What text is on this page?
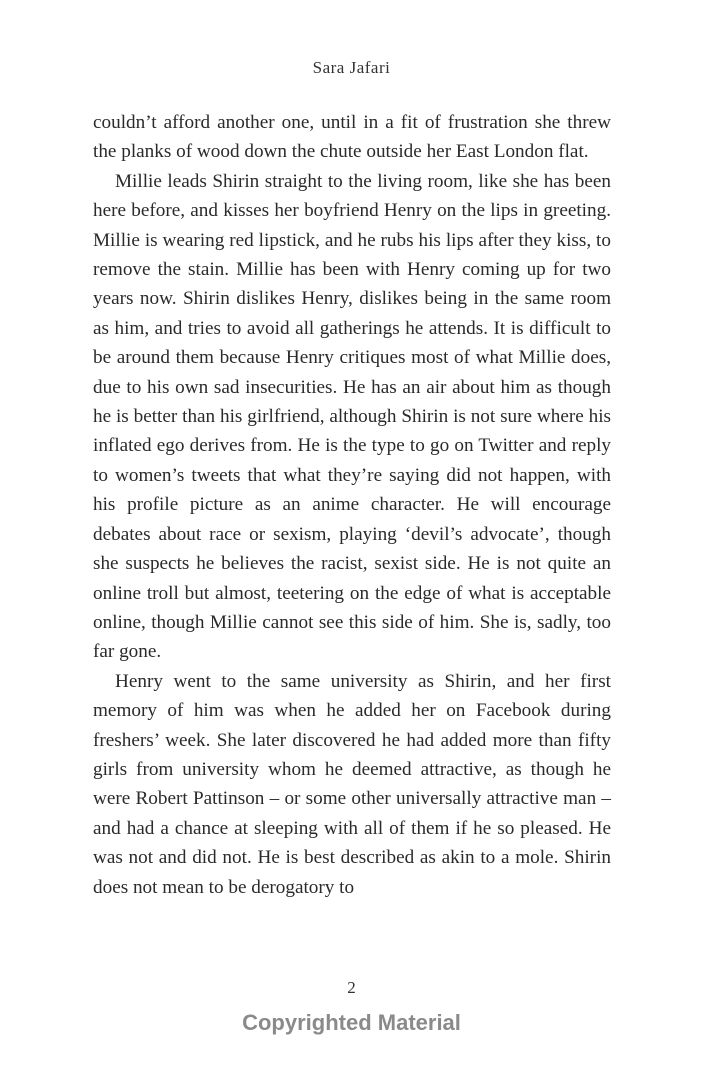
Sara Jafari

couldn’t afford another one, until in a fit of frustration she threw the planks of wood down the chute outside her East London flat.

Millie leads Shirin straight to the living room, like she has been here before, and kisses her boyfriend Henry on the lips in greeting. Millie is wearing red lipstick, and he rubs his lips after they kiss, to remove the stain. Millie has been with Henry coming up for two years now. Shirin dislikes Henry, dislikes being in the same room as him, and tries to avoid all gatherings he attends. It is difficult to be around them because Henry critiques most of what Millie does, due to his own sad insecurities. He has an air about him as though he is better than his girlfriend, although Shirin is not sure where his inflated ego derives from. He is the type to go on Twitter and reply to women’s tweets that what they’re saying did not happen, with his profile picture as an anime character. He will encourage debates about race or sexism, playing ‘devil’s advocate’, though she suspects he believes the racist, sexist side. He is not quite an online troll but almost, teetering on the edge of what is acceptable online, though Millie cannot see this side of him. She is, sadly, too far gone.

Henry went to the same university as Shirin, and her first memory of him was when he added her on Facebook during freshers’ week. She later discovered he had added more than fifty girls from university whom he deemed attractive, as though he were Robert Pattinson – or some other universally attractive man – and had a chance at sleeping with all of them if he so pleased. He was not and did not. He is best described as akin to a mole. Shirin does not mean to be derogatory to

2
Copyrighted Material
